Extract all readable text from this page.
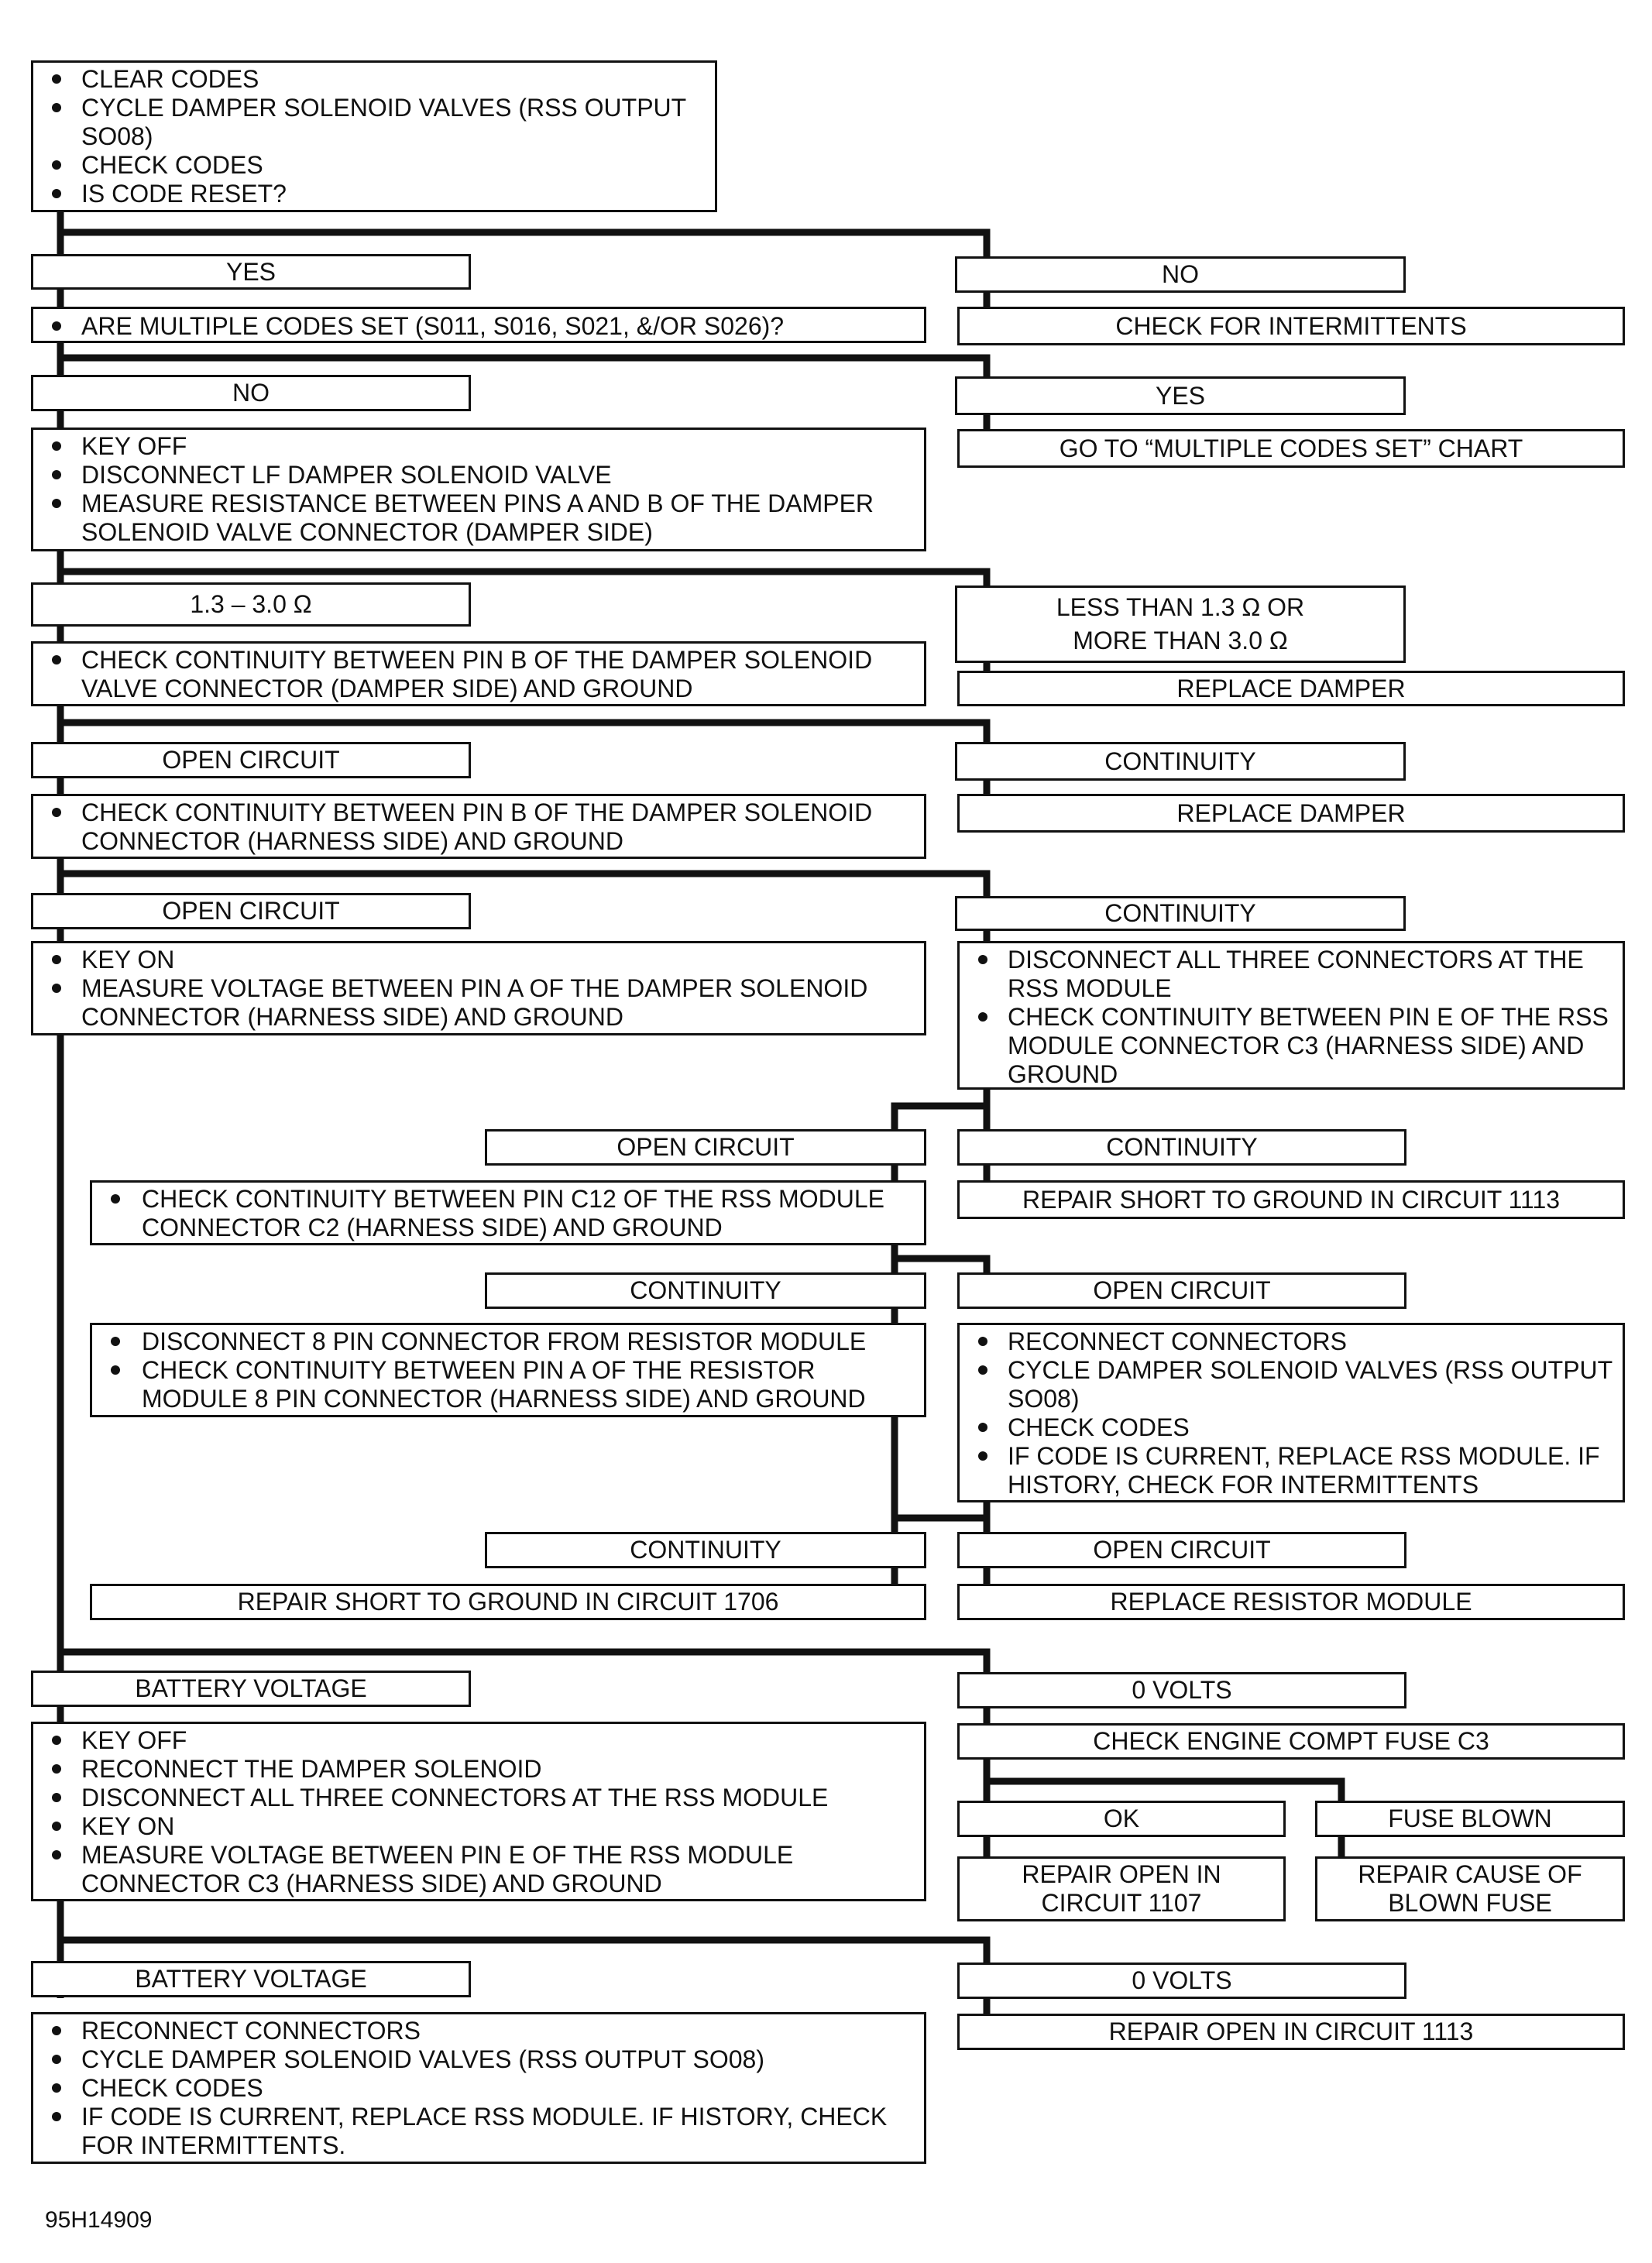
CLEAR CODES
CYCLE DAMPER SOLENOID VALVES (RSS OUTPUT SO08)
CHECK CODES
IS CODE RESET?
YES	NO
ARE MULTIPLE CODES SET (S011, S016, S021, &/OR S026)?	CHECK FOR INTERMITTENTS
NO	YES
KEY OFF
DISCONNECT LF DAMPER SOLENOID VALVE
MEASURE RESISTANCE BETWEEN PINS A AND B OF THE DAMPER SOLENOID VALVE CONNECTOR (DAMPER SIDE)
GO TO “MULTIPLE CODES SET” CHART
1.3 – 3.0 Ω	LESS THAN 1.3 Ω OR
MORE THAN 3.0 Ω
CHECK CONTINUITY BETWEEN PIN B OF THE DAMPER SOLENOID VALVE CONNECTOR (DAMPER SIDE) AND GROUND	REPLACE DAMPER
OPEN CIRCUIT	CONTINUITY
CHECK CONTINUITY BETWEEN PIN B OF THE DAMPER SOLENOID CONNECTOR (HARNESS SIDE) AND GROUND
REPLACE DAMPER
OPEN CIRCUIT	CONTINUITY
KEY ON
MEASURE VOLTAGE BETWEEN PIN A OF THE DAMPER SOLENOID CONNECTOR (HARNESS SIDE) AND GROUND
DISCONNECT ALL THREE CONNECTORS AT THE RSS MODULE
CHECK CONTINUITY BETWEEN PIN E OF THE RSS MODULE CONNECTOR C3 (HARNESS SIDE) AND GROUND
OPEN CIRCUIT	CONTINUITY
CHECK CONTINUITY BETWEEN PIN C12 OF THE RSS MODULE CONNECTOR C2 (HARNESS SIDE) AND GROUND
REPAIR SHORT TO GROUND IN CIRCUIT 1113
CONTINUITY	OPEN CIRCUIT
DISCONNECT 8 PIN CONNECTOR FROM RESISTOR MODULE
CHECK CONTINUITY BETWEEN PIN A OF THE RESISTOR MODULE 8 PIN CONNECTOR (HARNESS SIDE) AND GROUND
RECONNECT CONNECTORS
CYCLE DAMPER SOLENOID VALVES (RSS OUTPUT SO08)
CHECK CODES
IF CODE IS CURRENT, REPLACE RSS MODULE. IF HISTORY, CHECK FOR INTERMITTENTS
CONTINUITY	OPEN CIRCUIT
REPAIR SHORT TO GROUND IN CIRCUIT 1706	REPLACE RESISTOR MODULE
BATTERY VOLTAGE	0 VOLTS
KEY OFF
RECONNECT THE DAMPER SOLENOID
DISCONNECT ALL THREE CONNECTORS AT THE RSS MODULE
KEY ON
MEASURE VOLTAGE BETWEEN PIN E OF THE RSS MODULE CONNECTOR C3 (HARNESS SIDE) AND GROUND
CHECK ENGINE COMPT FUSE C3
OK	FUSE BLOWN
REPAIR OPEN IN
CIRCUIT 1107
REPAIR CAUSE OF
BLOWN FUSE
BATTERY VOLTAGE	0 VOLTS
RECONNECT CONNECTORS
CYCLE DAMPER SOLENOID VALVES (RSS OUTPUT SO08)
CHECK CODES
IF CODE IS CURRENT, REPLACE RSS MODULE. IF HISTORY, CHECK FOR INTERMITTENTS.
REPAIR OPEN IN CIRCUIT 1113
95H14909
